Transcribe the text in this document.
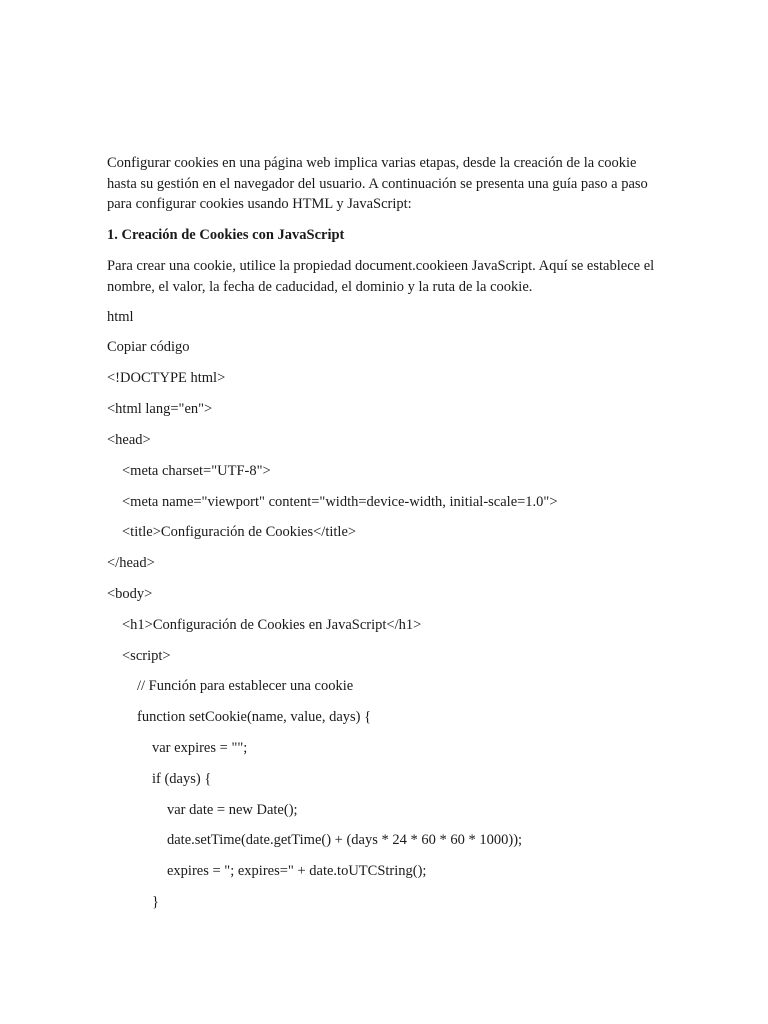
Configurar cookies en una página web implica varias etapas, desde la creación de la cookie hasta su gestión en el navegador del usuario. A continuación se presenta una guía paso a paso para configurar cookies usando HTML y JavaScript:

1. Creación de Cookies con JavaScript

Para crear una cookie, utilice la propiedad document.cookieen JavaScript. Aquí se establece el nombre, el valor, la fecha de caducidad, el dominio y la ruta de la cookie.

html

Copiar código

<!DOCTYPE html>

<html lang="en">

<head>

<meta charset="UTF-8">

<meta name="viewport" content="width=device-width, initial-scale=1.0">

<title>Configuración de Cookies</title>

</head>

<body>

<h1>Configuración de Cookies en JavaScript</h1>

<script>

// Función para establecer una cookie

function setCookie(name, value, days) {

var expires = "";

if (days) {

var date = new Date();

date.setTime(date.getTime() + (days * 24 * 60 * 60 * 1000));

expires = "; expires=" + date.toUTCString();

}
